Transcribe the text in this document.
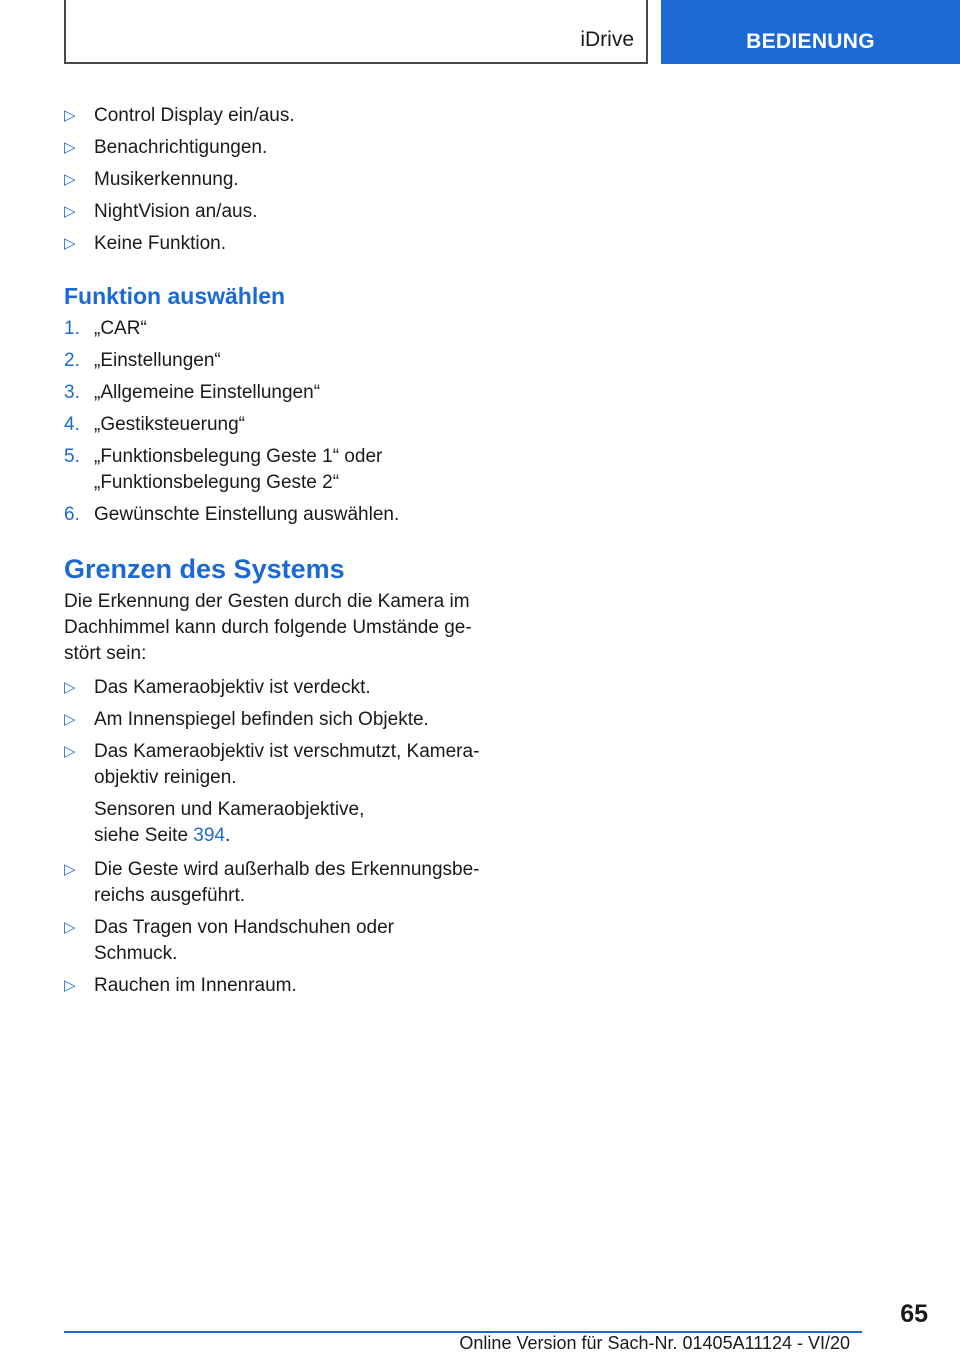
iDrive	BEDIENUNG
▷ Control Display ein/aus.
▷ Benachrichtigungen.
▷ Musikerkennung.
▷ NightVision an/aus.
▷ Keine Funktion.
Funktion auswählen
1. „CAR“
2. „Einstellungen“
3. „Allgemeine Einstellungen“
4. „Gestiksteuerung“
5. „Funktionsbelegung Geste 1“ oder „Funktionsbelegung Geste 2“
6. Gewünschte Einstellung auswählen.
Grenzen des Systems
Die Erkennung der Gesten durch die Kamera im Dachhimmel kann durch folgende Umstände gestört sein:
▷ Das Kameraobjektiv ist verdeckt.
▷ Am Innenspiegel befinden sich Objekte.
▷ Das Kameraobjektiv ist verschmutzt, Kameraobjektiv reinigen.
Sensoren und Kameraobjektive, siehe Seite 394.
▷ Die Geste wird außerhalb des Erkennungsbereichs ausgeführt.
▷ Das Tragen von Handschuhen oder Schmuck.
▷ Rauchen im Innenraum.
65
Online Version für Sach-Nr. 01405A11124 - VI/20
